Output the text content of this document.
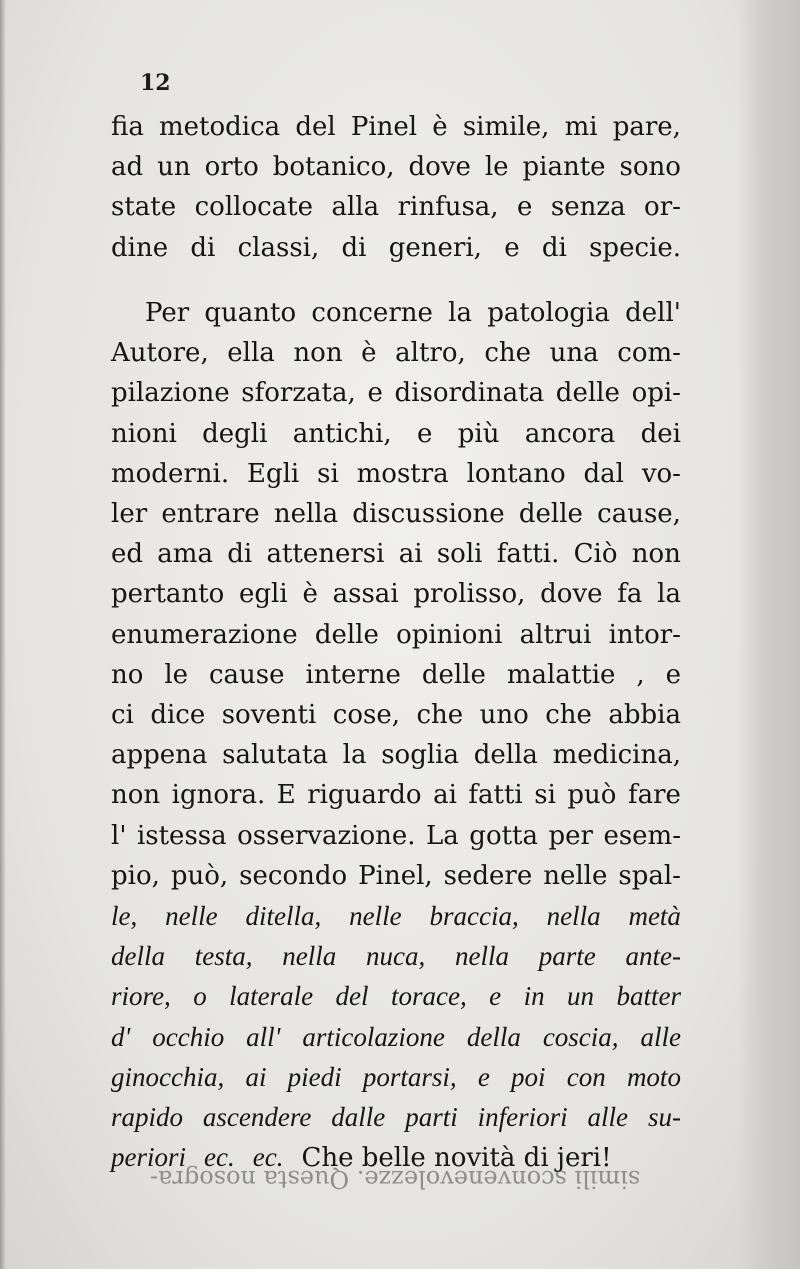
12
fia metodica del Pinel è simile, mi pare,
ad un orto botanico, dove le piante sono
state collocate alla rinfusa, e senza or-
dine di classi, di generi, e di specie.
Per quanto concerne la patologia dell'
Autore, ella non è altro, che una com-
pilazione sforzata, e disordinata delle opi-
nioni degli antichi, e più ancora dei
moderni. Egli si mostra lontano dal vo-
ler entrare nella discussione delle cause,
ed ama di attenersi ai soli fatti. Ciò non
pertanto egli è assai prolisso, dove fa la
enumerazione delle opinioni altrui intor-
no le cause interne delle malattie , e
ci dice soventi cose, che uno che abbia
appena salutata la soglia della medicina,
non ignora. E riguardo ai fatti si può fare
l' istessa osservazione. La gotta per esem-
pio, può, secondo Pinel, sedere nelle spal-
le, nelle ditella, nelle braccia, nella metà
della testa, nella nuca, nella parte ante-
riore, o laterale del torace, e in un batter
d' occhio all' articolazione della coscia, alle
ginocchia, ai piedi portarsi, e poi con moto
rapido ascendere dalle parti inferiori alle su-
periori ec. ec. Che belle novità di jeri!
simili sconvenevolezze. Questa nosogra-
